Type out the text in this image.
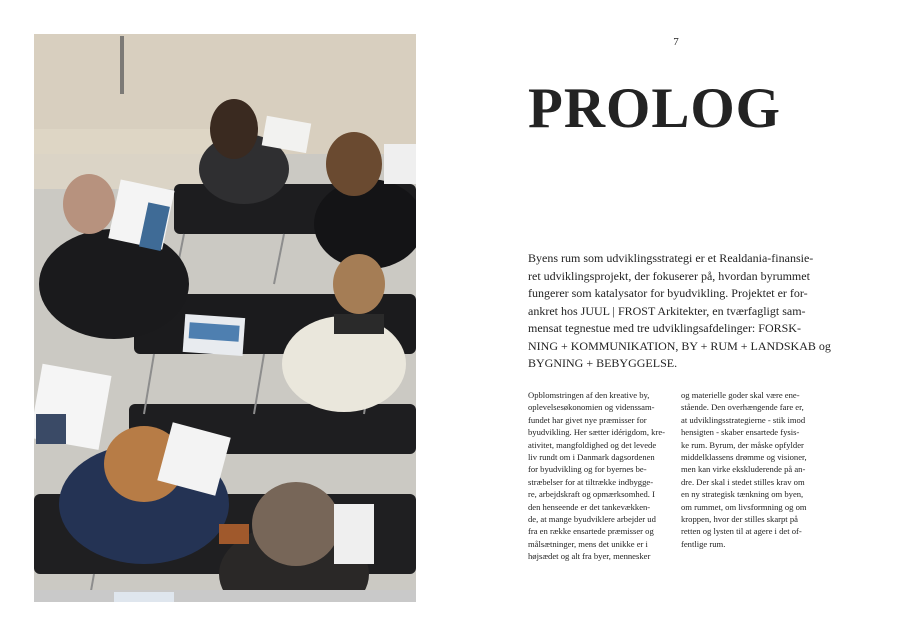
7
PROLOG
Byens rum som udviklingsstrategi er et Realdania-finansie-
ret udviklingsprojekt, der fokuserer på, hvordan byrummet
fungerer som katalysator for byudvikling. Projektet er for-
ankret hos JUUL | FROST Arkitekter, en tværfagligt sam-
mensat tegnestue med tre udviklingsafdelinger: FORSK-
NING + KOMMUNIKATION, BY + RUM + LANDSKAB og
BYGNING + BEBYGGELSE.
Opblomstringen af den kreative by,
oplevelsesøkonomien og videnssam-
fundet har givet nye præmisser for
byudvikling. Her sætter idérigdom, kre-
ativitet, mangfoldighed og det levede
liv rundt om i Danmark dagsordenen
for byudvikling og for byernes be-
stræbelser for at tiltrække indbygge-
re, arbejdskraft og opmærksomhed. I
den henseende er det tankevækken-
de, at mange byudviklere arbejder ud
fra en række ensartede præmisser og
målsætninger, mens det unikke er i
højsædet og alt fra byer, mennesker
og materielle goder skal være ene-
stående. Den overhængende fare er,
at udviklingsstrategierne - stik imod
hensigten - skaber ensartede fysis-
ke rum. Byrum, der måske opfylder
middelklassens drømme og visioner,
men kan virke ekskluderende på an-
dre. Der skal i stedet stilles krav om
en ny strategisk tænkning om byen,
om rummet, om livsformning og om
kroppen, hvor der stilles skarpt på
retten og lysten til at agere i det of-
fentlige rum.
